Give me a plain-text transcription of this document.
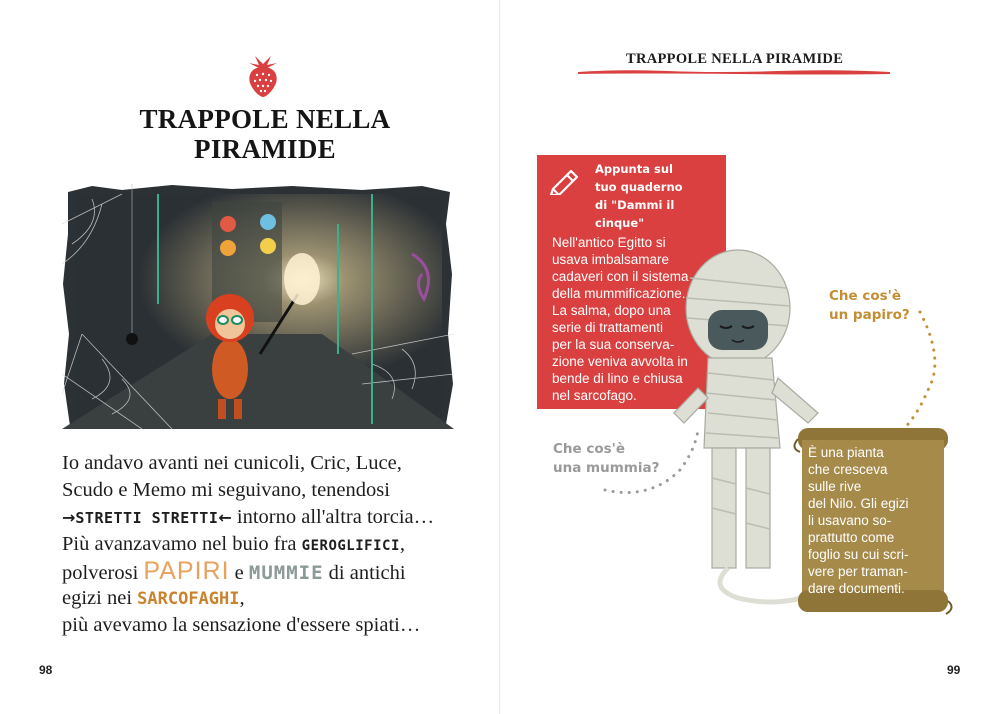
TRAPPOLE NELLA
PIRAMIDE
Io andavo avanti nei cunicoli, Cric, Luce,
Scudo e Memo mi seguivano, tenendosi
→STRETTI STRETTI← intorno all'altra torcia…
Più avanzavamo nel buio fra GEROGLIFICI,
polverosi PAPIRI e MUMMIE di antichi
egizi nei SARCOFAGHI,
più avevamo la sensazione d'essere spiati…
98
TRAPPOLE NELLA PIRAMIDE
Appunta sul
tuo quaderno
di "Dammi il
cinque"
Nell'antico Egitto si
usava imbalsamare
cadaveri con il sistema
della mummificazione.
La salma, dopo una
serie di trattamenti
per la sua conserva-
zione veniva avvolta in
bende di lino e chiusa
nel sarcofago.
Che cos'è
un papiro?
Che cos'è
una mummia?
È una pianta
che cresceva
sulle rive
del Nilo. Gli egizi
li usavano so-
prattutto come
foglio su cui scri-
vere per traman-
dare documenti.
99
